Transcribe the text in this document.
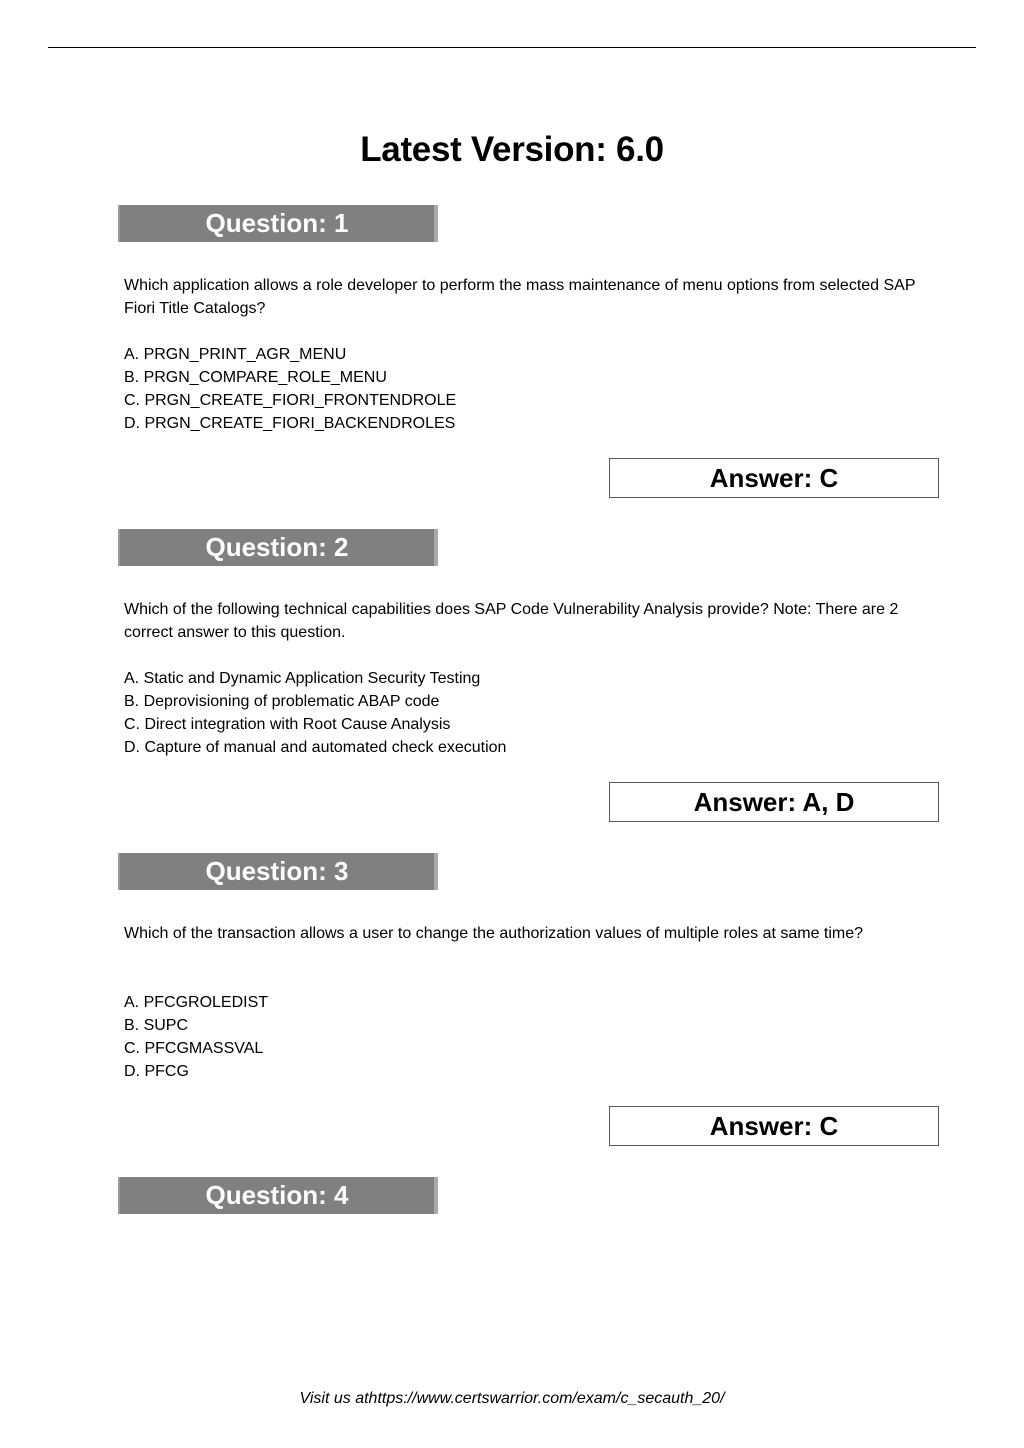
Latest Version: 6.0
Question: 1
Which application allows a role developer to perform the mass maintenance of menu options from selected SAP Fiori Title Catalogs?
A. PRGN_PRINT_AGR_MENU
B. PRGN_COMPARE_ROLE_MENU
C. PRGN_CREATE_FIORI_FRONTENDROLE
D. PRGN_CREATE_FIORI_BACKENDROLES
Answer: C
Question: 2
Which of the following technical capabilities does SAP Code Vulnerability Analysis provide? Note: There are 2 correct answer to this question.
A. Static and Dynamic Application Security Testing
B. Deprovisioning of problematic ABAP code
C. Direct integration with Root Cause Analysis
D. Capture of manual and automated check execution
Answer: A, D
Question: 3
Which of the transaction allows a user to change the authorization values of multiple roles at same time?
A. PFCGROLEDIST
B. SUPC
C. PFCGMASSVAL
D. PFCG
Answer: C
Question: 4
Visit us athttps://www.certswarrior.com/exam/c_secauth_20/
